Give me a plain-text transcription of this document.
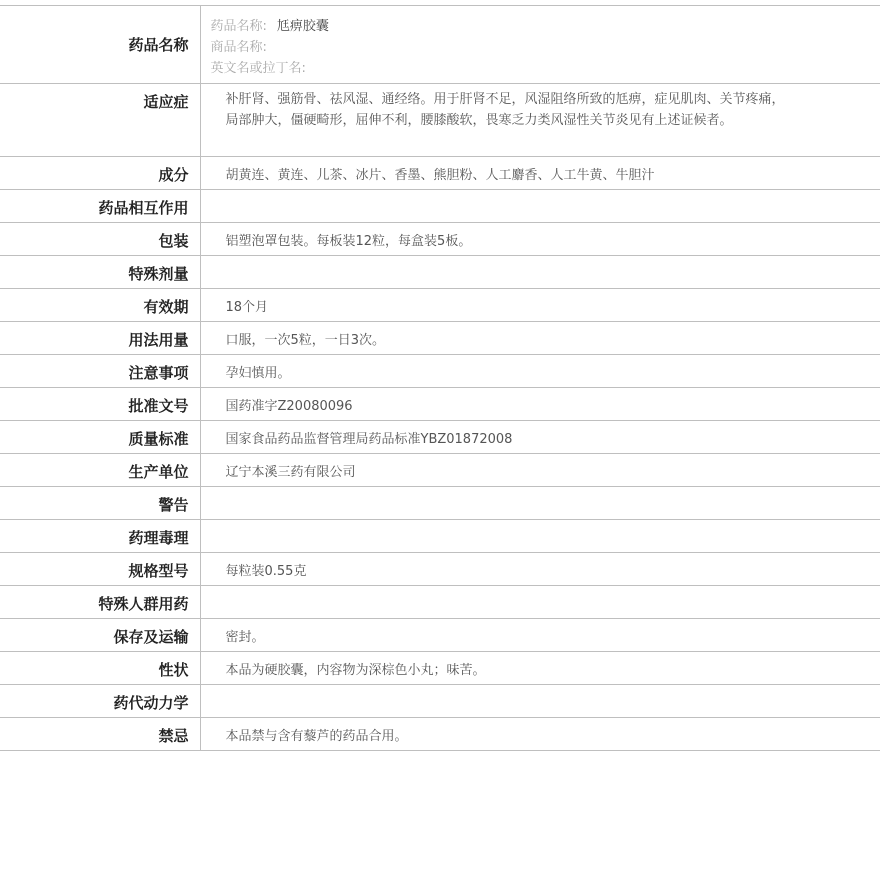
药品名称	药品名称: 尪痹胶囊
商品名称:
英文名或拉丁名:

适应症	补肝肾、强筋骨、祛风湿、通经络。用于肝肾不足，风湿阻络所致的尪痹，症见肌肉、关节疼痛，局部肿大，僵硬畸形，屈伸不利，腰膝酸软，畏寒乏力类风湿性关节炎见有上述证候者。
成分	胡黄连、黄连、儿茶、冰片、香墨、熊胆粉、人工麝香、人工牛黄、牛胆汁
药品相互作用	
包装	铝塑泡罩包装。每板装12粒，每盒装5板。
特殊剂量	
有效期	18个月
用法用量	口服，一次5粒，一日3次。
注意事项	孕妇慎用。
批准文号	国药准字Z20080096
质量标准	国家食品药品监督管理局药品标准YBZ01872008
生产单位	辽宁本溪三药有限公司
警告	
药理毒理	
规格型号	每粒装0.55克
特殊人群用药	
保存及运输	密封。
性状	本品为硬胶囊，内容物为深棕色小丸；味苦。
药代动力学	
禁忌	本品禁与含有藜芦的药品合用。
